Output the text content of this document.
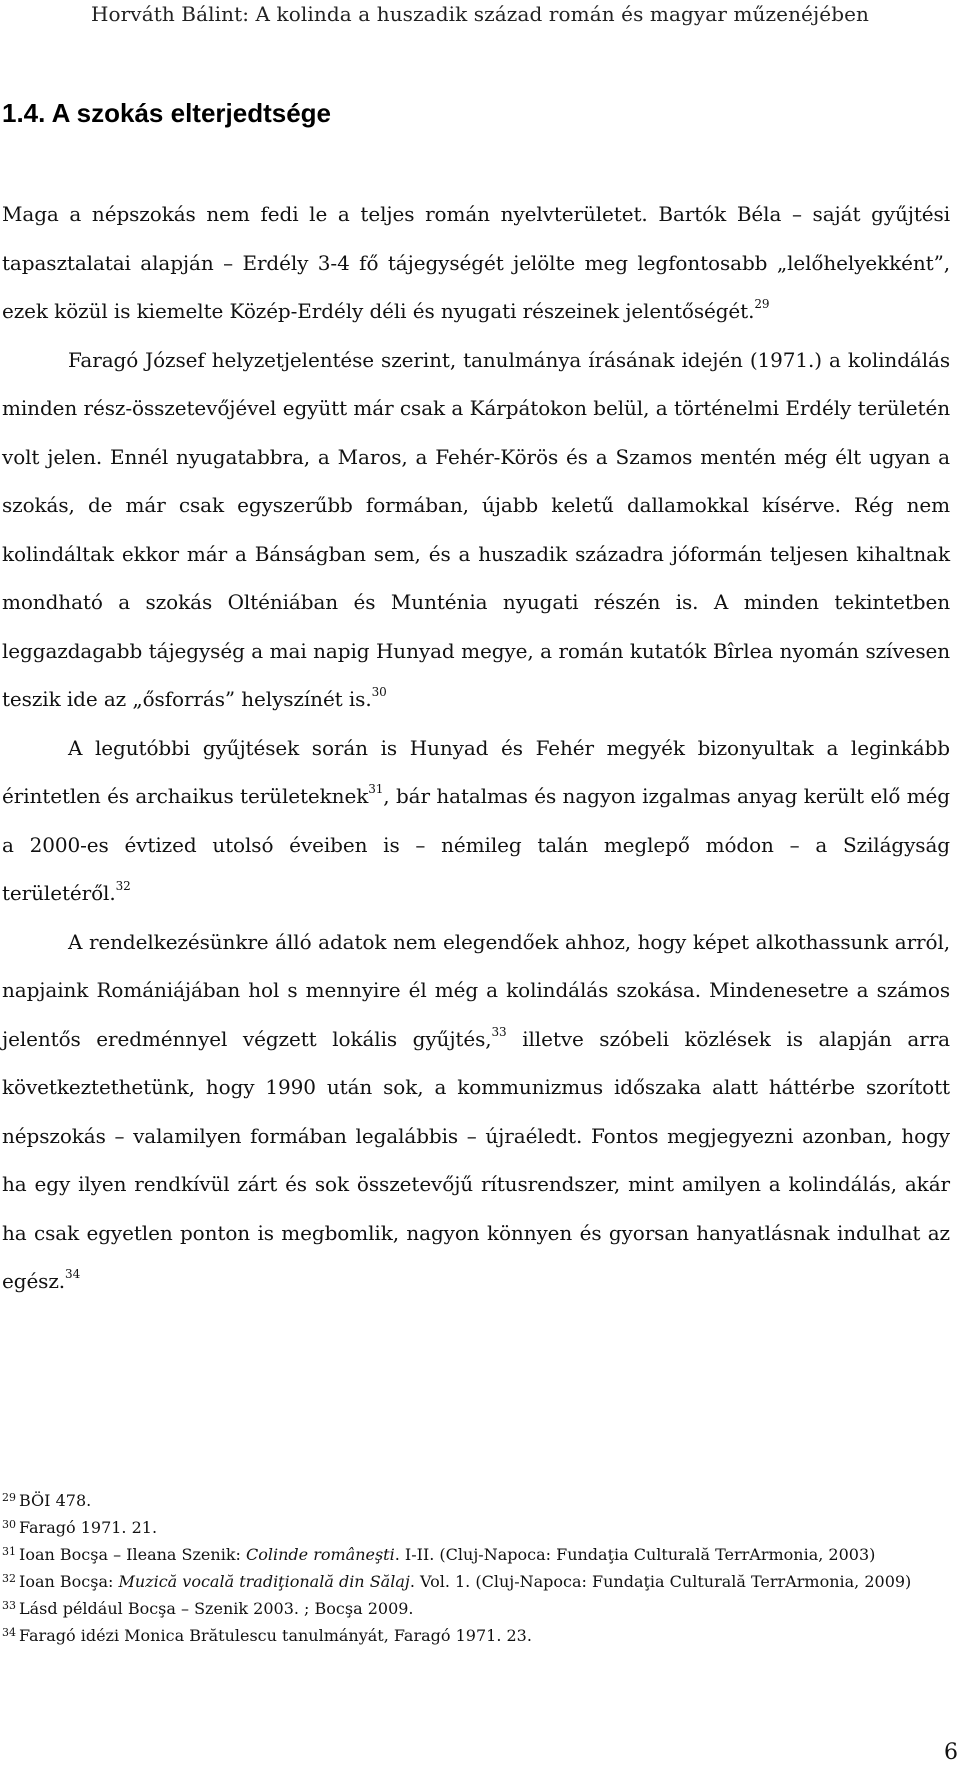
Horváth Bálint: A kolinda a huszadik század román és magyar műzenéjében
1.4. A szokás elterjedtsége

Maga a népszokás nem fedi le a teljes román nyelvterületet. Bartók Béla – saját gyűjtési tapasztalatai alapján – Erdély 3-4 fő tájegységét jelölte meg legfontosabb „lelőhelyekként”, ezek közül is kiemelte Közép-Erdély déli és nyugati részeinek jelentőségét.$^{29}$

Faragó József helyzetjelentése szerint, tanulmánya írásának idején (1971.) a kolindálás minden rész-összetevőjével együtt már csak a Kárpátokon belül, a történelmi Erdély területén volt jelen. Ennél nyugatabbra, a Maros, a Fehér-Körös és a Szamos mentén még élt ugyan a szokás, de már csak egyszerűbb formában, újabb keletű dallamokkal kísérve. Rég nem kolindáltak ekkor már a Bánságban sem, és a huszadik századra jóformán teljesen kihaltnak mondható a szokás Olténiában és Munténia nyugati részén is. A minden tekintetben leggazdagabb tájegység a mai napig Hunyad megye, a román kutatók Bîrlea nyomán szívesen teszik ide az „ősforrás” helyszínét is.$^{30}$

A legutóbbi gyűjtések során is Hunyad és Fehér megyék bizonyultak a leginkább érintetlen és archaikus területeknek$^{31}$, bár hatalmas és nagyon izgalmas anyag került elő még a 2000-es évtized utolsó éveiben is – némileg talán meglepő módon – a Szilágyság területéről.$^{32}$

A rendelkezésünkre álló adatok nem elegendőek ahhoz, hogy képet alkothassunk arról, napjaink Romániájában hol s mennyire él még a kolindálás szokása. Mindenesetre a számos jelentős eredménnyel végzett lokális gyűjtés,$^{33}$ illetve szóbeli közlések is alapján arra következtethetünk, hogy 1990 után sok, a kommunizmus időszaka alatt háttérbe szorított népszokás – valamilyen formában legalábbis – újraéledt. Fontos megjegyezni azonban, hogy ha egy ilyen rendkívül zárt és sok összetevőjű rítusrendszer, mint amilyen a kolindálás, akár ha csak egyetlen ponton is megbomlik, nagyon könnyen és gyorsan hanyatlásnak indulhat az egész.$^{34}$

$^{29}$ BÖI 478.

$^{30}$ Faragó 1971. 21.

$^{31}$ Ioan Bocşa – Ileana Szenik: Colinde româneşti. I-II. (Cluj-Napoca: Fundaţia Culturală TerrArmonia, 2003)

$^{32}$ Ioan Bocşa: Muzică vocală tradiţională din Sălaj. Vol. 1. (Cluj-Napoca: Fundaţia Culturală TerrArmonia, 2009)

$^{33}$ Lásd például Bocşa – Szenik 2003. ; Bocşa 2009.

$^{34}$ Faragó idézi Monica Brătulescu tanulmányát, Faragó 1971. 23.

6
